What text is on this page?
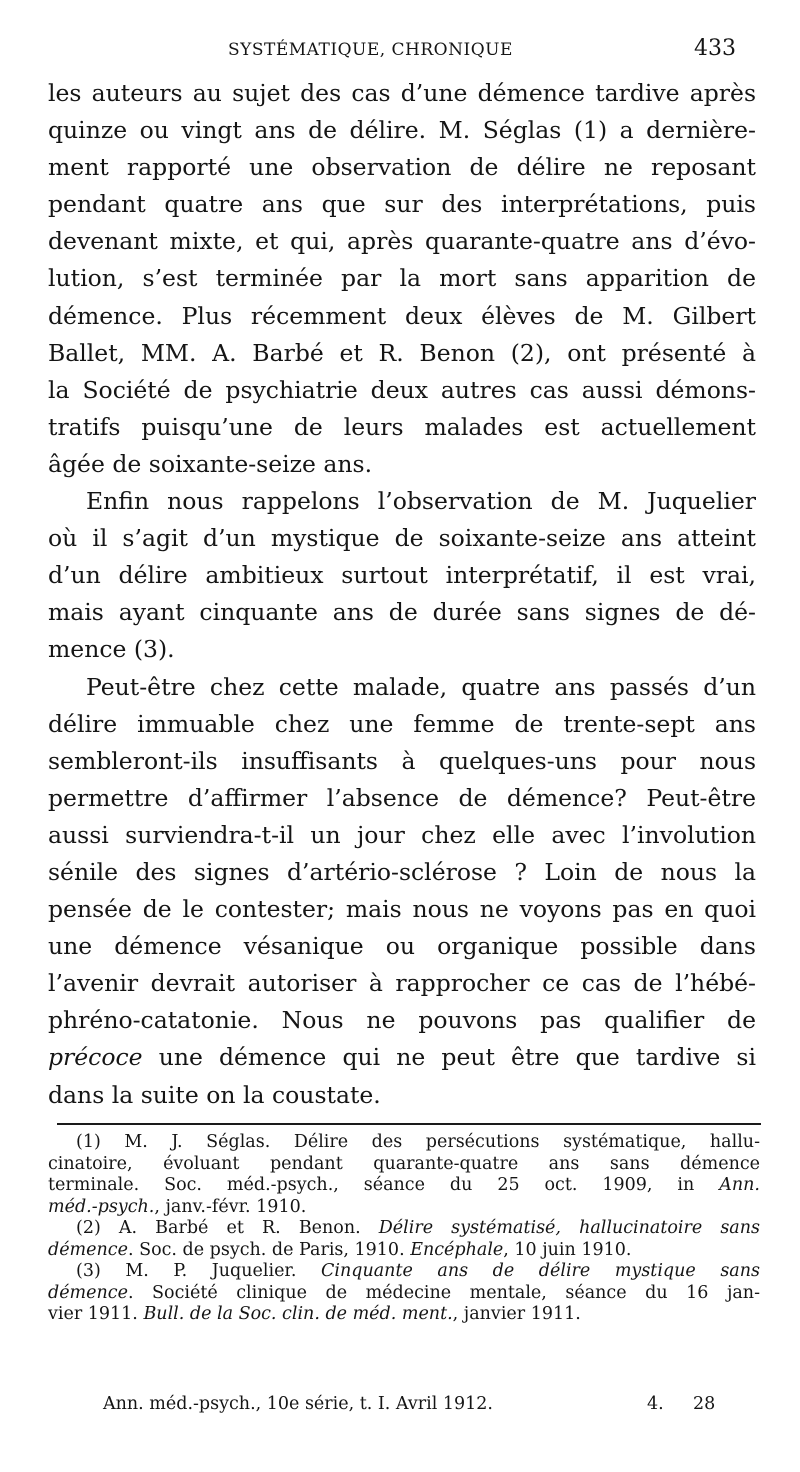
SYSTÉMATIQUE, CHRONIQUE	433
les auteurs au sujet des cas d’une démence tardive après
quinze ou vingt ans de délire. M. Séglas (1) a dernière-
ment rapporté une observation de délire ne reposant
pendant quatre ans que sur des interprétations, puis
devenant mixte, et qui, après quarante-quatre ans d’évo-
lution, s’est terminée par la mort sans apparition de
démence. Plus récemment deux élèves de M. Gilbert
Ballet, MM. A. Barbé et R. Benon (2), ont présenté à
la Société de psychiatrie deux autres cas aussi démons-
tratifs puisqu’une de leurs malades est actuellement
âgée de soixante-seize ans.
Enfin nous rappelons l’observation de M. Juquelier
où il s’agit d’un mystique de soixante-seize ans atteint
d’un délire ambitieux surtout interprétatif, il est vrai,
mais ayant cinquante ans de durée sans signes de dé-
mence (3).
Peut-être chez cette malade, quatre ans passés d’un
délire immuable chez une femme de trente-sept ans
sembleront-ils insuffisants à quelques-uns pour nous
permettre d’affirmer l’absence de démence? Peut-être
aussi surviendra-t-il un jour chez elle avec l’involution
sénile des signes d’artério-sclérose ? Loin de nous la
pensée de le contester; mais nous ne voyons pas en quoi
une démence vésanique ou organique possible dans
l’avenir devrait autoriser à rapprocher ce cas de l’hébé-
phréno-catatonie. Nous ne pouvons pas qualifier de
précoce une démence qui ne peut être que tardive si
dans la suite on la coustate.
(1) M. J. Séglas. Délire des persécutions systématique, hallu-
cinatoire, évoluant pendant quarante-quatre ans sans démence
terminale. Soc. méd.-psych., séance du 25 oct. 1909, in Ann.
méd.-psych., janv.-févr. 1910.
(2) A. Barbé et R. Benon. Délire systématisé, hallucinatoire sans
démence. Soc. de psych. de Paris, 1910. Encéphale, 10 juin 1910.
(3) M. P. Juquelier. Cinquante ans de délire mystique sans
démence. Société clinique de médecine mentale, séance du 16 jan-
vier 1911. Bull. de la Soc. clin. de méd. ment., janvier 1911.
Ann. méd.-psych., 10e série, t. I. Avril 1912.	4. 28
